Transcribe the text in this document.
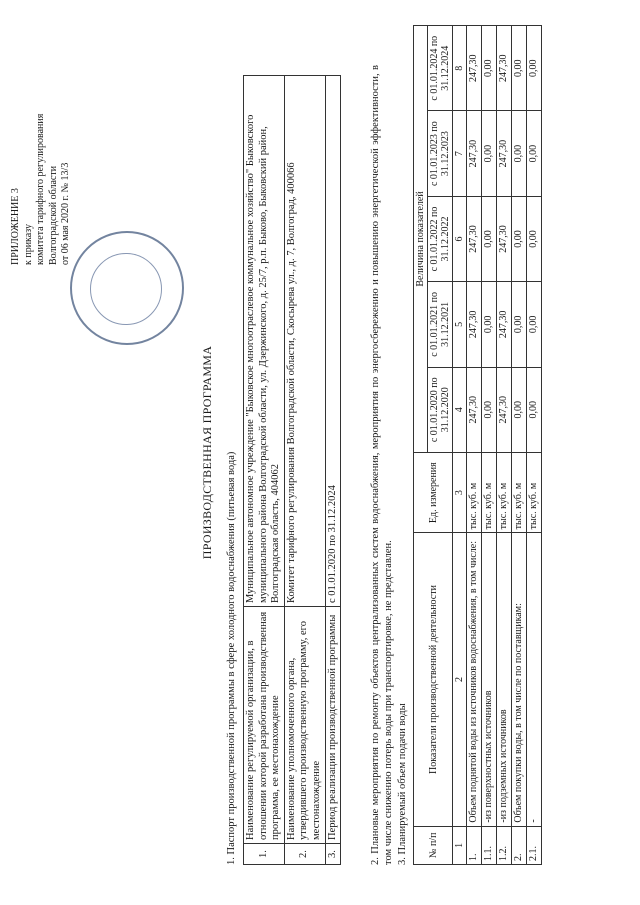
ПРИЛОЖЕНИЕ 3 к приказу комитета тарифного регулирования Волгоградской области от 06 мая 2020 г. № 13/3
ПРОИЗВОДСТВЕННАЯ ПРОГРАММА 1. Паспорт производственной программы в сфере холодного водоснабжения (питьевая вода) 1.	Наименование регулируемой организации, в отношении которой разработана производственная программа, ее местонахождение	Муниципальное автономное учреждение "Быковское многоотраслевое коммунальное хозяйство" Быковского муниципального района Волгоградской области, ул. Дзержинского, д. 25/7, р.п. Быково, Быковский район, Волгоградская область, 404062
2.	Наименование уполномоченного органа, утвердившего производственную программу, его местонахождение	Комитет тарифного регулирования Волгоградской области, Скосырева ул., д. 7, Волгоград, 400066
3.	Период реализации производственной программы	с 01.01.2020 по 31.12.2024	2. Плановые мероприятия по ремонту объектов централизованных систем водоснабжения, мероприятия по энергосбережению и повышению энергетической эффективности, в том числе снижению потерь воды при транспортировке, не представлен. 3. Планируемый объем подачи воды № п/п	Показатели производственной деятельности	Ед. измерения	Величина показателей				
			с 01.01.2020 по 31.12.2020	с 01.01.2021 по 31.12.2021	с 01.01.2022 по 31.12.2022	с 01.01.2023 по 31.12.2023	с 01.01.2024 по 31.12.2024
1	2	3	4	5	6	7	8
1.	Объем поднятой воды из источников водоснабжения, в том числе:	тыс. куб. м	247,30	247,30	247,30	247,30	247,30
1.1.	-из поверхностных источников	тыс. куб. м	0,00	0,00	0,00	0,00	0,00
1.2.	-из подземных источников	тыс. куб. м	247,30	247,30	247,30	247,30	247,30
2.	Объем покупки воды, в том числе по поставщикам:	тыс. куб. м	0,00	0,00	0,00	0,00	0,00
2.1.	-	тыс. куб. м	0,00	0,00	0,00	0,00	0,00
